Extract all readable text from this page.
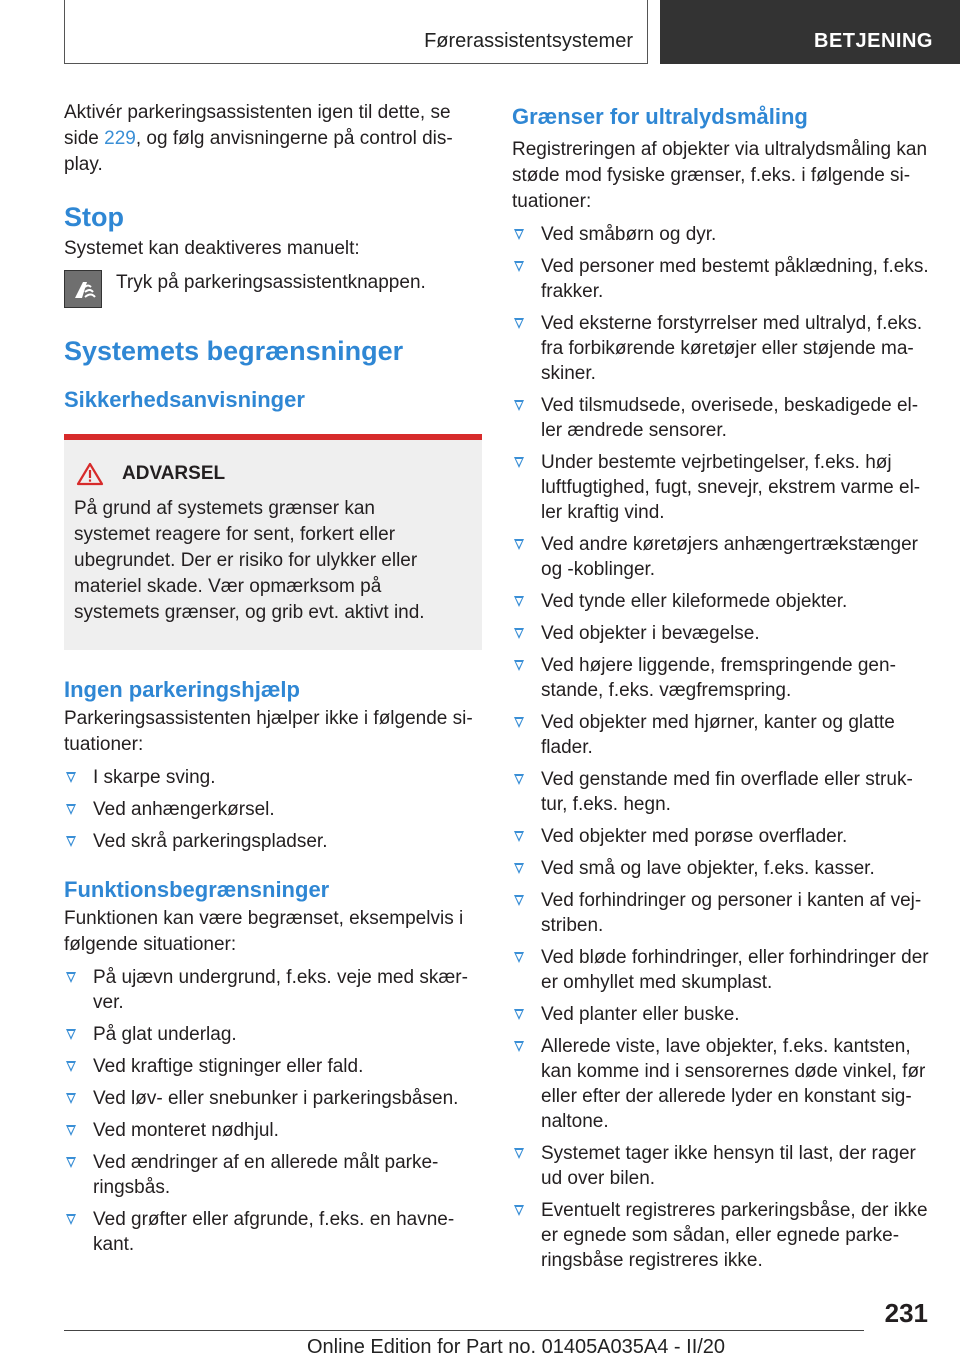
Førerassistentsystemer	BETJENING

Aktivér parkeringsassistenten igen til dette, se side 229, og følg anvisningerne på control display.

Stop

Systemet kan deaktiveres manuelt:

Tryk på parkeringsassistentknappen.

Systemets begrænsninger
Sikkerhedsanvisninger
ADVARSEL

På grund af systemets grænser kan systemet reagere for sent, forkert eller ubegrundet. Der er risiko for ulykker eller materiel skade. Vær opmærksom på systemets grænser, og grib evt. aktivt ind.

Ingen parkeringshjælp

Parkeringsassistenten hjælper ikke i følgende situationer:

I skarpe sving.
Ved anhængerkørsel.
Ved skrå parkeringspladser.
Funktionsbegrænsninger

Funktionen kan være begrænset, eksempelvis i følgende situationer:

På ujævn undergrund, f.eks. veje med skærver.
På glat underlag.
Ved kraftige stigninger eller fald.
Ved løv- eller snebunker i parkeringsbåsen.
Ved monteret nødhjul.
Ved ændringer af en allerede målt parkeringsbås.
Ved grøfter eller afgrunde, f.eks. en havnekant.
Grænser for ultralydsmåling

Registreringen af objekter via ultralydsmåling kan støde mod fysiske grænser, f.eks. i følgende situationer:

Ved småbørn og dyr.
Ved personer med bestemt påklædning, f.eks. frakker.
Ved eksterne forstyrrelser med ultralyd, f.eks. fra forbikørende køretøjer eller støjende maskiner.
Ved tilsmudsede, overisede, beskadigede eller ændrede sensorer.
Under bestemte vejrbetingelser, f.eks. høj luftfugtighed, fugt, snevejr, ekstrem varme eller kraftig vind.
Ved andre køretøjers anhængertrækstænger og -koblinger.
Ved tynde eller kileformede objekter.
Ved objekter i bevægelse.
Ved højere liggende, fremspringende genstande, f.eks. vægfremspring.
Ved objekter med hjørner, kanter og glatte flader.
Ved genstande med fin overflade eller struktur, f.eks. hegn.
Ved objekter med porøse overflader.
Ved små og lave objekter, f.eks. kasser.
Ved forhindringer og personer i kanten af vejstriben.
Ved bløde forhindringer, eller forhindringer der er omhyllet med skumplast.
Ved planter eller buske.
Allerede viste, lave objekter, f.eks. kantsten, kan komme ind i sensorernes døde vinkel, før eller efter der allerede lyder en konstant signaltone.
Systemet tager ikke hensyn til last, der rager ud over bilen.
Eventuelt registreres parkeringsbåse, der ikke er egnede som sådan, eller egnede parkeringsbåse registreres ikke.
231
Online Edition for Part no. 01405A035A4 - II/20
